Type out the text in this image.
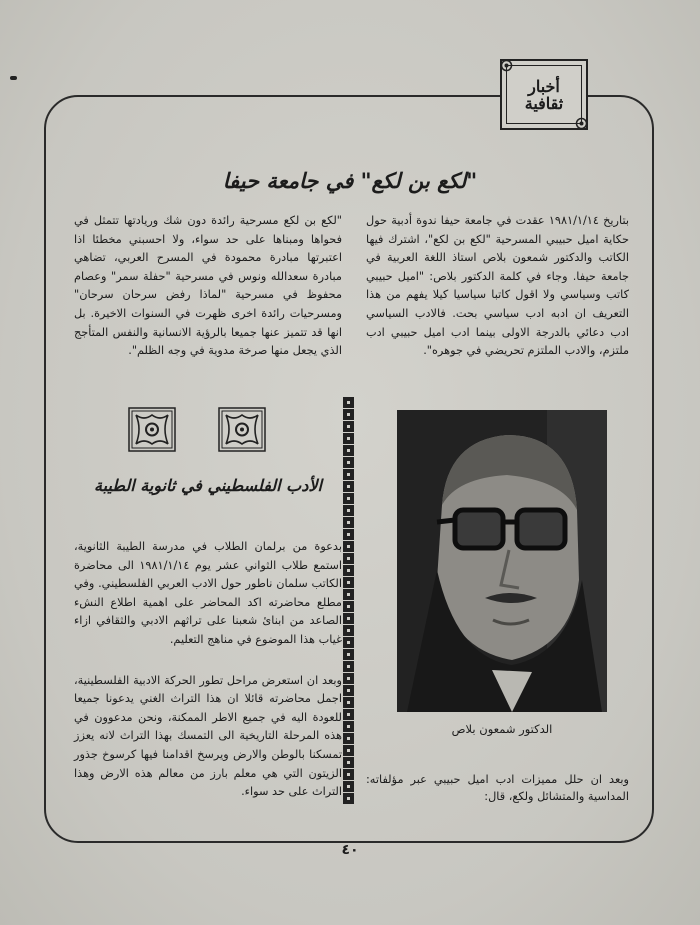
أخبار
ثقافية
"لكع بن لكع" في جامعة حيفا

بتاريخ ١٩٨١/١/١٤ عقدت في جامعة حيفا ندوة أدبية حول حكاية اميل حبيبي المسرحية "لكع بن لكع"، اشترك فيها الكاتب والدكتور شمعون بلاص استاذ اللغة العربية في جامعة حيفا. وجاء في كلمة الدكتور بلاص: "اميل حبيبي كاتب وسياسي ولا اقول كاتبا سياسيا كيلا يفهم من هذا التعريف ان ادبه ادب سياسي بحت. فالادب السياسي ادب دعائي بالدرجة الاولى بينما ادب اميل حبيبي ادب ملتزم، والادب الملتزم تحريضي في جوهره".

"لكع بن لكع مسرحية رائدة دون شك وريادتها تتمثل في فحواها ومبناها على حد سواء، ولا احسبني مخطئا اذا اعتبرتها مبادرة محمودة في المسرح العربي، تضاهي مبادرة سعدالله ونوس في مسرحية "حفلة سمر" وعصام محفوظ في مسرحية "لماذا رفض سرحان سرحان" ومسرحيات رائدة اخرى ظهرت في السنوات الاخيرة. بل انها قد تتميز عنها جميعا بالرؤية الانسانية والنفس المتأجج الذي يجعل منها صرخة مدوية في وجه الظلم".

الأدب الفلسطيني في ثانوية الطيبة

بدعوة من برلمان الطلاب في مدرسة الطيبة الثانوية، استمع طلاب الثواني عشر يوم ١٩٨١/١/١٤ الى محاضرة الكاتب سلمان ناطور حول الادب العربي الفلسطيني. وفي مطلع محاضرته اكد المحاضر على اهمية اطلاع النشء الصاعد من ابنائ شعبنا على تراثهم الادبي والثقافي ازاء غياب هذا الموضوع في مناهج التعليم.

وبعد ان استعرض مراحل تطور الحركة الادبية الفلسطينية، اجمل محاضرته قائلا ان هذا التراث الغني يدعونا جميعا للعودة اليه في جميع الاطر الممكنة، ونحن مدعوون في هذه المرحلة التاريخية الى التمسك بهذا التراث لانه يعزز تمسكنا بالوطن والارض ويرسخ اقدامنا فيها كرسوخ جذور الزيتون التي هي معلم بارز من معالم هذه الارض وهذا التراث على حد سواء.

الدكتور شمعون بلاص

وبعد ان حلل مميزات ادب اميل حبيبي عبر مؤلفاته: المداسية والمتشائل ولكع، قال:

٤٠
